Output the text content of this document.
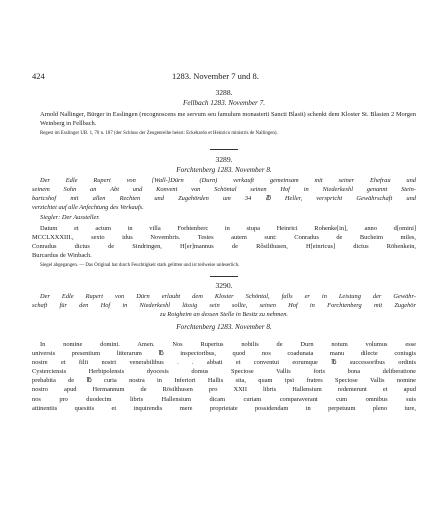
424	1283. November 7 und 8.
3288.
Fellbach 1283. November 7.
Arnold Nallinger, Bürger in Esslingen (recognoscens me servum seu famulum monasterii Sancti Blasii) schenkt dem Kloster St. Blasien 2 Morgen Weinberg in Fellbach.
Regest im Esslinger UB. 1, 70 n. 187 (der Schluss der Zeugenreihe heisst: Eckehardo et Heinrico ministris de Nallingen).
3289.
Forchtenberg 1283. November 8.
Der Edle Rupert von [Wall-]Dürn (Durn) verkauft gemeinsam mit seiner Ehefrau und
seinem Sohn an Abt und Konvent von Schöntal seinen Hof in Niederkeshl genannt Stein-
bartcshof mit allen Rechten und Zugehörden um 34 ℔ Heller, verspricht Gewährschaft und
verzichtet auf alle Anfechtung des Verkaufs.
Siegler: Der Aussteller.
Datum et actum in villa Forhtenberc in stupa Heinrici Rohenke[in], anno d[omini]
MCCLXXXIII., sexto idus Novembris. Testes autem sunt: Conradus de Bucheim miles,
Conradus dictus de Sindringen, H[er]mannus de Rôsilthusen, H[einricus] dictus Röhenkein,
Burcardus de Winbach.
Siegel abgegangen. — Das Original hat durch Feuchtigkeit stark gelitten und ist teilweise unleserlich.
3290.
Der Edle Rupert von Dürn erlaubt dem Kloster Schöntal, falls er in Leistung der Gewähr-
schaft für den Hof in Niederkeshl lässig sein sollte, seinen Hof in Forchtenberg mit Zugehör
zu Roigheim an dessen Stelle in Besitz zu nehmen.
Forchtenberg 1283. November 8.
In nomine domini. Amen. Nos Rupertus nobilis de Durn notum volumus esse
universis presentium litterarum ℔ inspectoribus, quod nos coadunata manu dilecte coniugis
nostre et filii nostri venerabilibus . . abbati et conventui eorumque ℔ successoribus ordinis
Cysterciensis Herbipolensis dyocesis domus Speciose Vallis foris bona deliberatione
prehabita de ℔ curia nostra in Inferiori Hallis sita, quam ipsi fratres Speciose Vallis nomine
nostro apud Hermannum de Rösilthusen pro XXII libris Hallensium redemerunt et apud
nos pro duodecim libris Hallensium dicam curiam comparaverant cum omnibus suis
attinentiis quesitis et inquirendis mere proprietate possidendam in perpetuum pleno iure,
